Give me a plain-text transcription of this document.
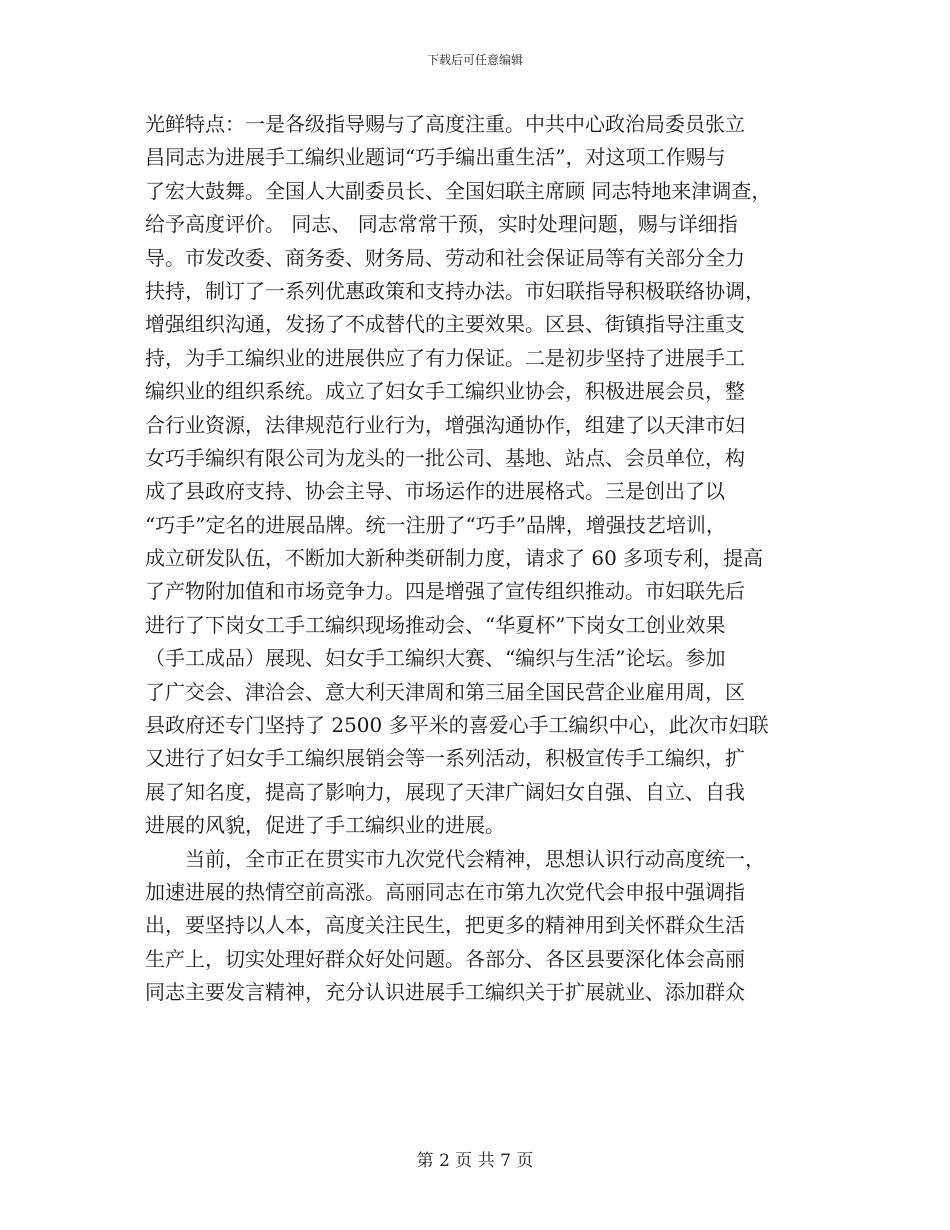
下载后可任意编辑

光鲜特点：一是各级指导赐与了高度注重。中共中心政治局委员张立
昌同志为进展手工编织业题词“巧手编出重生活”，对这项工作赐与
了宏大鼓舞。全国人大副委员长、全国妇联主席顾 同志特地来津调查，
给予高度评价。 同志、 同志常常干预，实时处理问题，赐与详细指
导。市发改委、商务委、财务局、劳动和社会保证局等有关部分全力
扶持，制订了一系列优惠政策和支持办法。市妇联指导积极联络协调，
增强组织沟通，发扬了不成替代的主要效果。区县、街镇指导注重支
持，为手工编织业的进展供应了有力保证。二是初步坚持了进展手工
编织业的组织系统。成立了妇女手工编织业协会，积极进展会员，整
合行业资源，法律规范行业行为，增强沟通协作，组建了以天津市妇
女巧手编织有限公司为龙头的一批公司、基地、站点、会员单位，构
成了县政府支持、协会主导、市场运作的进展格式。三是创出了以
“巧手”定名的进展品牌。统一注册了“巧手”品牌，增强技艺培训，
成立研发队伍，不断加大新种类研制力度，请求了 60 多项专利，提高
了产物附加值和市场竞争力。四是增强了宣传组织推动。市妇联先后
进行了下岗女工手工编织现场推动会、“华夏杯”下岗女工创业效果
（手工成品）展现、妇女手工编织大赛、“编织与生活”论坛。参加
了广交会、津洽会、意大利天津周和第三届全国民营企业雇用周，区
县政府还专门坚持了 2500 多平米的喜爱心手工编织中心，此次市妇联
又进行了妇女手工编织展销会等一系列活动，积极宣传手工编织，扩
展了知名度，提高了影响力，展现了天津广阔妇女自强、自立、自我
进展的风貌，促进了手工编织业的进展。

当前，全市正在贯实市九次党代会精神，思想认识行动高度统一，
加速进展的热情空前高涨。高丽同志在市第九次党代会申报中强调指
出，要坚持以人本，高度关注民生，把更多的精神用到关怀群众生活
生产上，切实处理好群众好处问题。各部分、各区县要深化体会高丽
同志主要发言精神，充分认识进展手工编织关于扩展就业、添加群众

第 2 页 共 7 页
